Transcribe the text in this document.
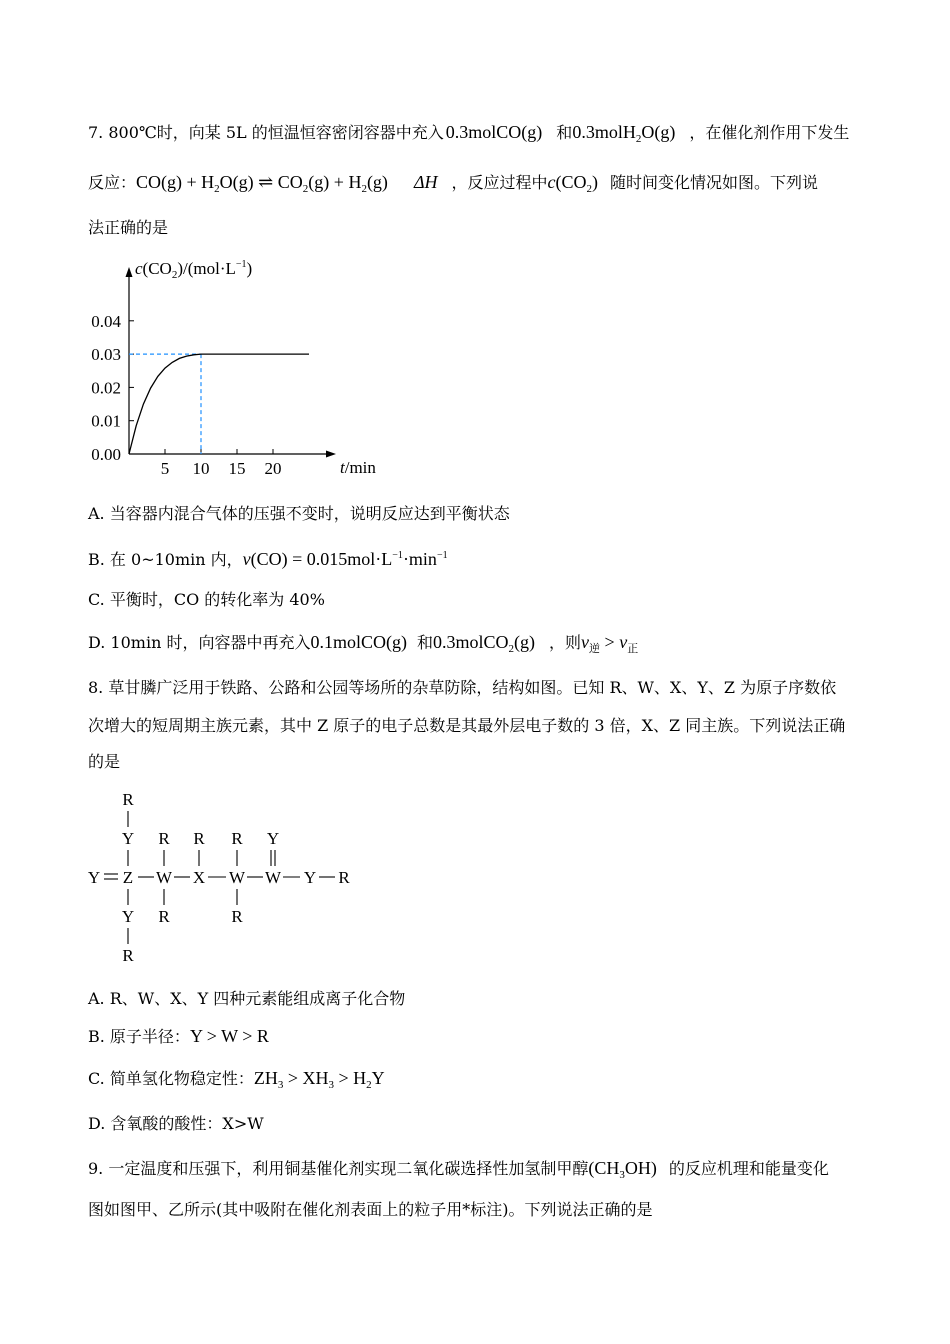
7. 800℃时，向某 5L 的恒温恒容密闭容器中充入 0.3molCO(g) 和0.3molH$_2$O(g) ，在催化剂作用下发生
反应：$CO(g) + H_2O(g)$ ⇌ $CO_2(g) + H_2(g)$ ΔH ，反应过程中$c(CO_2)$ 随时间变化情况如图。下列说
法正确的是
$c(CO_2)/(mol\cdot L^{-1})$
0.04
0.03
0.02
0.01
0.00
5 10 15 20	t/min
A. 当容器内混合气体的压强不变时，说明反应达到平衡状态
B. 在 0~10min 内，$v(CO) = 0.015mol\cdot L^{-1}\cdot\min^{-1}$
C. 平衡时，CO 的转化率为 40%
D. 10min 时，向容器中再充入0.1molCO(g) 和0.3molCO$_2$(g) ，则$v_逆 > v_正$
8. 草甘膦广泛用于铁路、公路和公园等场所的杂草防除，结构如图。已知 R、W、X、Y、Z 为原子序数依
次增大的短周期主族元素，其中 Z 原子的电子总数是其最外层电子数的 3 倍，X、Z 同主族。下列说法正确
的是
R
Y
Y Z
Y
R
R
W
R
R
X
R
W
R
Y
W Y R
A. R、W、X、Y 四种元素能组成离子化合物
B. 原子半径：Y > W > R
C. 简单氢化物稳定性：$ZH_3 > XH_3 > H_2Y$
D. 含氧酸的酸性：X>W
9. 一定温度和压强下，利用铜基催化剂实现二氧化碳选择性加氢制甲醇$(CH_3OH)$ 的反应机理和能量变化
图如图甲、乙所示(其中吸附在催化剂表面上的粒子用*标注)。下列说法正确的是
